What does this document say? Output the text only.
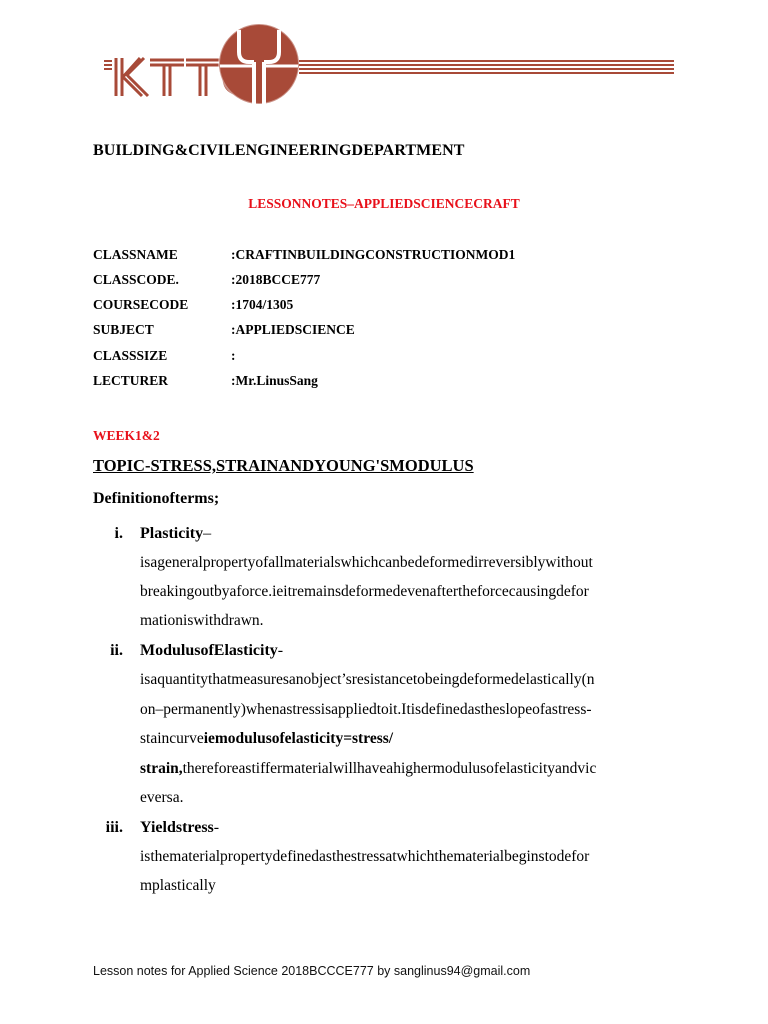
BUILDING&CIVILENGINEERINGDEPARTMENT
LESSONNOTES–APPLIEDSCIENCECRAFT
CLASSNAME	:CRAFTINBUILDINGCONSTRUCTIONMOD1
CLASSCODE.	:2018BCCE777
COURSECODE	:1704/1305
SUBJECT	:APPLIEDSCIENCE
CLASSSIZE	:
LECTURER	:Mr.LinusSang
WEEK1&2
TOPIC-STRESS,STRAINANDYOUNG'SMODULUS
Definitionofterms;
i. Plasticity–
isageneralpropertyofallmaterialswhichcanbedeformedirreversiblywithout
breakingoutbyaforce.ieitremainsdeformedevenaftertheforcecausingdefor
mationiswithdrawn.
ii. ModulusofElasticity-
isaquantitythatmeasuresanobject’sresistancetobeingdeformedelastically(n
on–permanently)whenastressisappliedtoit.Itisdefinedastheslopeofastress-
staincurveiemodulusofelasticity=stress/
strain,thereforeastiffermaterialwillhaveahighermodulusofelasticityandvic
eversa.
iii. Yieldstress-
isthematerialpropertydefinedasthestressatwhichthematerialbeginstodefor
mplastically
Lesson notes for Applied Science 2018BCCCE777 by sanglinus94@gmail.com
